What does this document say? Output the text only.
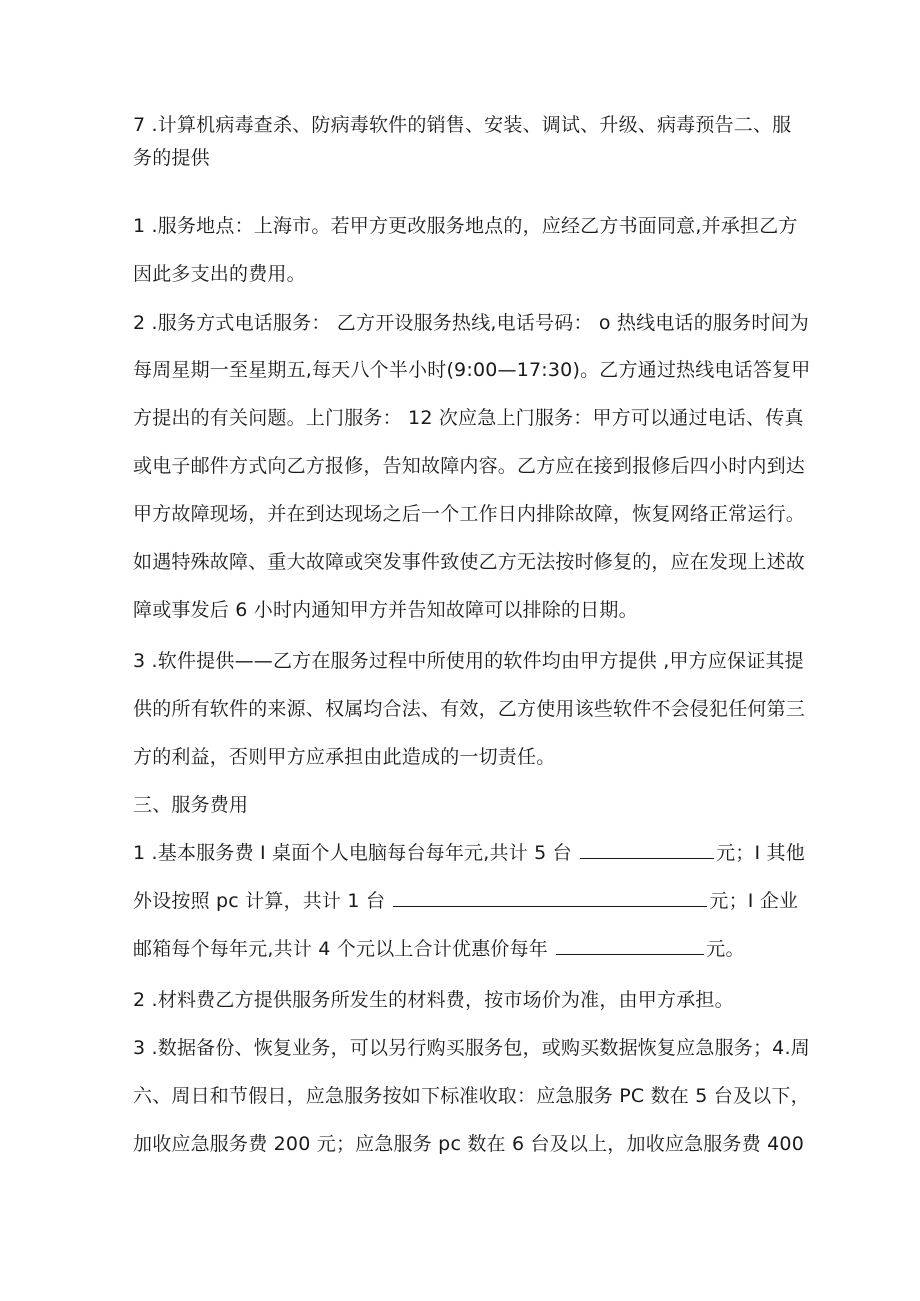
7 .计算机病毒查杀、防病毒软件的销售、安装、调试、升级、病毒预告二、服
务的提供
1 .服务地点：上海市。若甲方更改服务地点的，应经乙方书面同意,并承担乙方
因此多支出的费用。
2 .服务方式电话服务： 乙方开设服务热线,电话号码： o 热线电话的服务时间为
每周星期一至星期五,每天八个半小时(9:00—17:30)。乙方通过热线电话答复甲
方提出的有关问题。上门服务： 12 次应急上门服务：甲方可以通过电话、传真
或电子邮件方式向乙方报修，告知故障内容。乙方应在接到报修后四小时内到达
甲方故障现场，并在到达现场之后一个工作日内排除故障，恢复网络正常运行。
如遇特殊故障、重大故障或突发事件致使乙方无法按时修复的，应在发现上述故
障或事发后 6 小时内通知甲方并告知故障可以排除的日期。
3 .软件提供——乙方在服务过程中所使用的软件均由甲方提供 ,甲方应保证其提
供的所有软件的来源、权属均合法、有效，乙方使用该些软件不会侵犯任何第三
方的利益，否则甲方应承担由此造成的一切责任。
三、服务费用
1 .基本服务费 I 桌面个人电脑每台每年元,共计 5 台	元；I 其他
外设按照 pc 计算，共计 1 台	元；I 企业
邮箱每个每年元,共计 4 个元以上合计优惠价每年	元。
2 .材料费乙方提供服务所发生的材料费，按市场价为准，由甲方承担。
3 .数据备份、恢复业务，可以另行购买服务包，或购买数据恢复应急服务；4.周
六、周日和节假日，应急服务按如下标准收取：应急服务 PC 数在 5 台及以下，
加收应急服务费 200 元；应急服务 pc 数在 6 台及以上，加收应急服务费 400
